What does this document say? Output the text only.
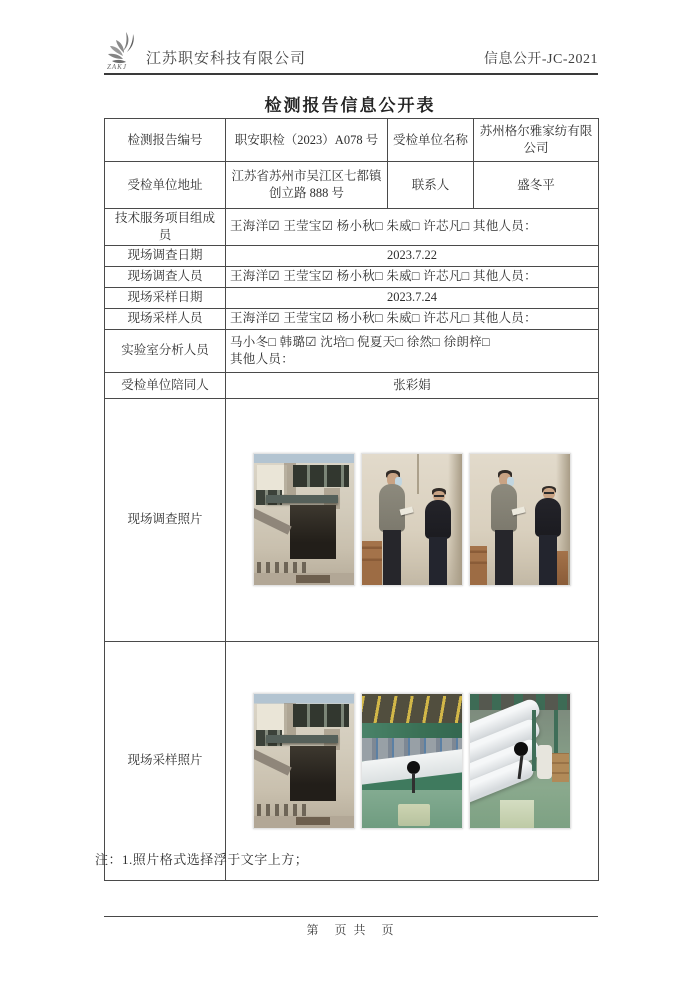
ZAKJ 江苏职安科技有限公司	信息公开-JC-2021
检测报告信息公开表
检测报告编号	职安职检（2023）A078 号	受检单位名称	苏州格尔雅家纺有限公司
受检单位地址	江苏省苏州市吴江区七都镇创立路 888 号	联系人	盛冬平
技术服务项目组成员	王海洋☑ 王莹宝☑ 杨小秋□ 朱威□ 许芯凡□ 其他人员：		
现场调查日期	2023.7.22		
现场调查人员	王海洋☑ 王莹宝☑ 杨小秋□ 朱威□ 许芯凡□ 其他人员：		
现场采样日期	2023.7.24		
现场采样人员	王海洋☑ 王莹宝☑ 杨小秋□ 朱威□ 许芯凡□ 其他人员：		
实验室分析人员	马小冬□ 韩璐☑ 沈培□ 倪夏天□ 徐然□ 徐朗梓□
其他人员：		

受检单位陪同人	张彩娟		
现场调查照片			

现场采样照片			
注：1.照片格式选择浮于文字上方；
第　页 共　页
